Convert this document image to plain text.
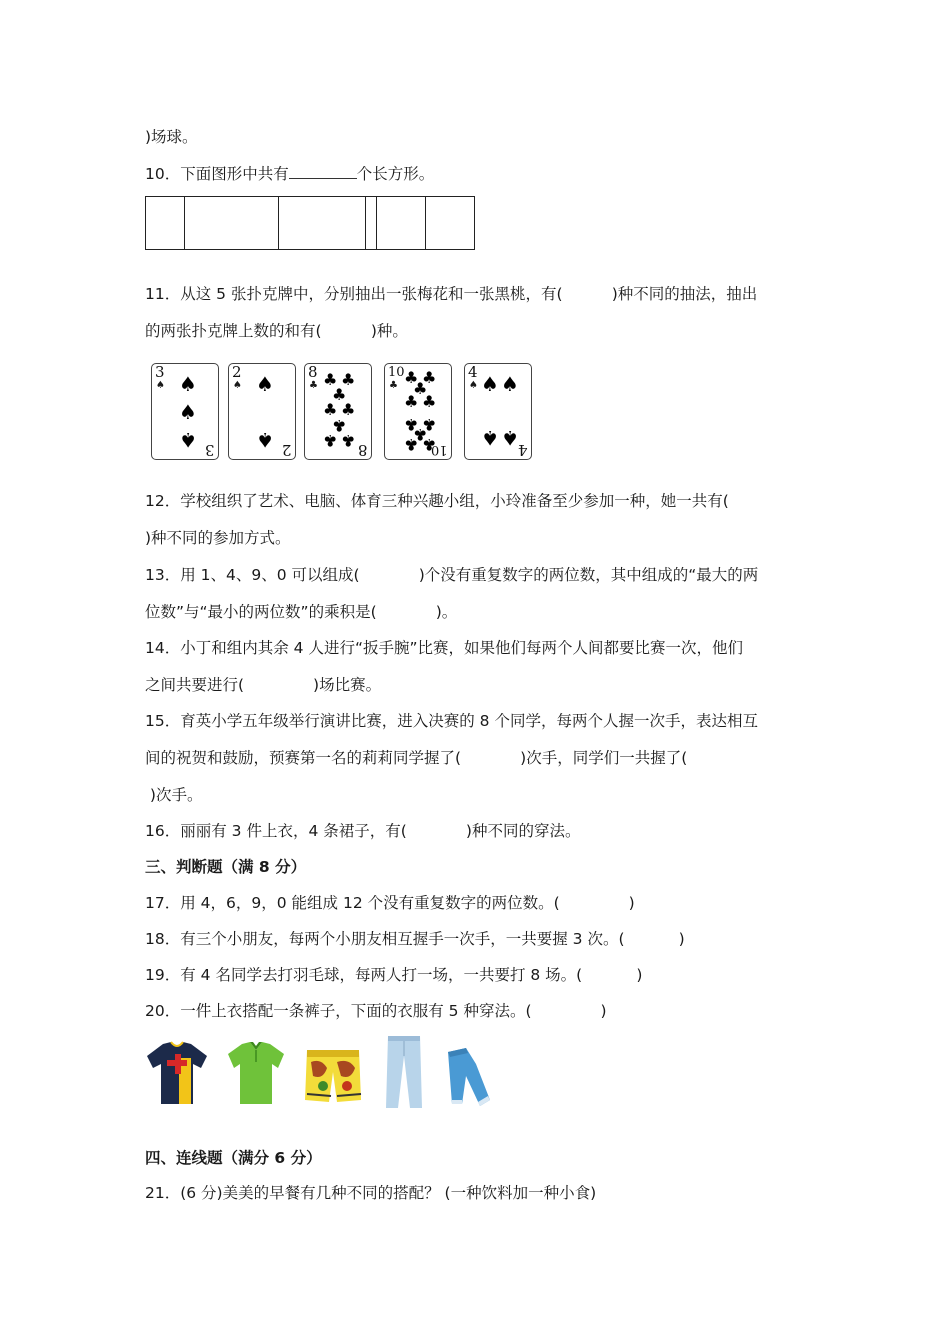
)场球。
10．下面图形中共有	个长方形。
11．从这 5 张扑克牌中，分别抽出一张梅花和一张黑桃，有(          )种不同的抽法，抽出
的两张扑克牌上数的和有(          )种。
3
♠ ♠
♠
♠ 3
2
♠ ♠
♠ 2
8
♣ ♣ ♣
♣
♣ ♣
♣
♣ ♣ 8
10
♣ ♣ ♣
♣
♣ ♣
♣ ♣
♣
♣ ♣
10
4
♠ ♠ ♠
♠ ♠ 4
12．学校组织了艺术、电脑、体育三种兴趣小组，小玲准备至少参加一种，她一共有(
)种不同的参加方式。
13．用 1、4、9、0 可以组成(            )个没有重复数字的两位数，其中组成的“最大的两
位数”与“最小的两位数”的乘积是(            )。
14．小丁和组内其余 4 人进行“扳手腕”比赛，如果他们每两个人间都要比赛一次，他们
之间共要进行(              )场比赛。
15．育英小学五年级举行演讲比赛，进入决赛的 8 个同学，每两个人握一次手，表达相互
间的祝贺和鼓励，预赛第一名的莉莉同学握了(            )次手，同学们一共握了(
)次手。
16．丽丽有 3 件上衣，4 条裙子，有(            )种不同的穿法。
三、判断题（满 8 分）
17．用 4，6，9，0 能组成 12 个没有重复数字的两位数。(              )
18．有三个小朋友，每两个小朋友相互握手一次手，一共要握 3 次。(           )
19．有 4 名同学去打羽毛球，每两人打一场，一共要打 8 场。(           )
20．一件上衣搭配一条裤子，下面的衣服有 5 种穿法。(              )
四、连线题（满分 6 分）
21．(6 分)美美的早餐有几种不同的搭配？ (一种饮料加一种小食)
